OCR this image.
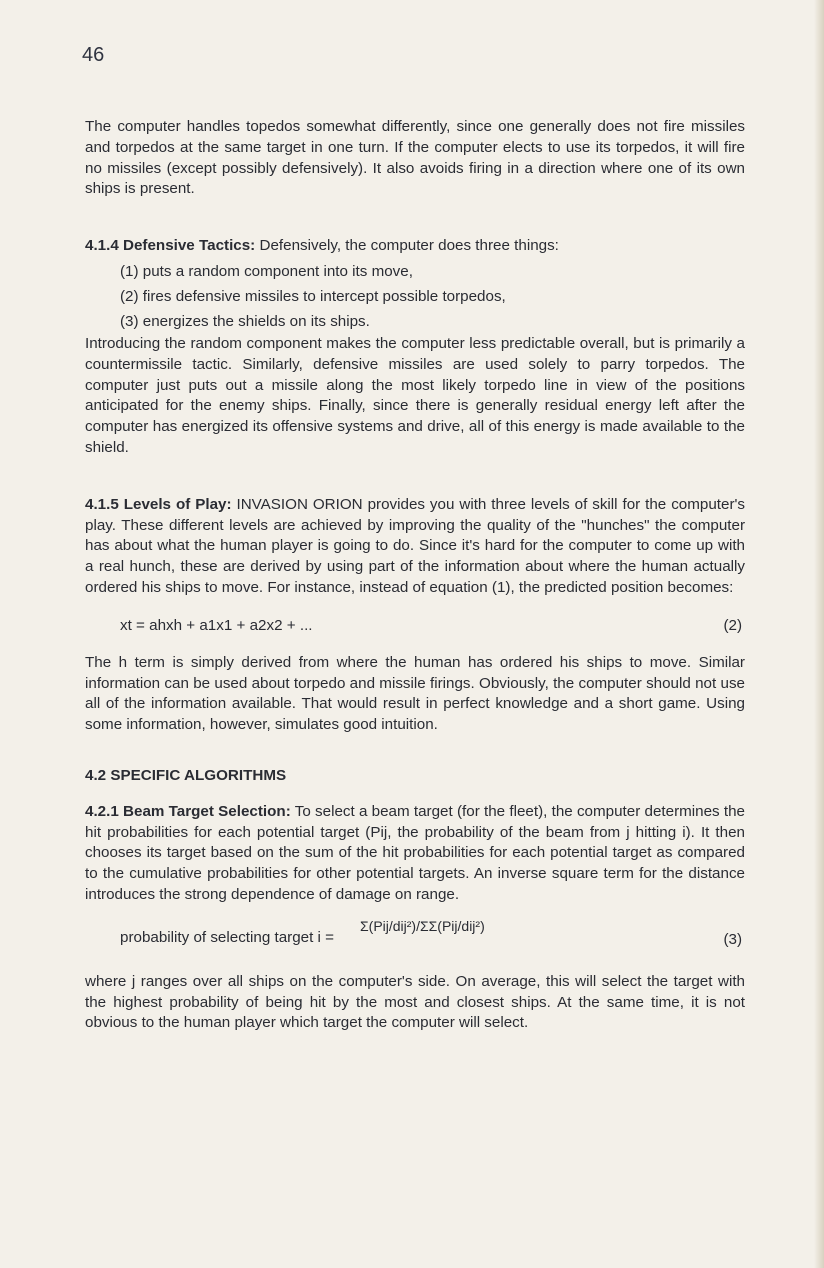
46

The computer handles topedos somewhat differently, since one generally does not fire missiles and torpedos at the same target in one turn. If the computer elects to use its torpedos, it will fire no missiles (except possibly defensively). It also avoids firing in a direction where one of its own ships is present.

4.1.4 Defensive Tactics: Defensively, the computer does three things:

(1) puts a random component into its move,
(2) fires defensive missiles to intercept possible torpedos,
(3) energizes the shields on its ships.

Introducing the random component makes the computer less predictable overall, but is primarily a countermissile tactic. Similarly, defensive missiles are used solely to parry torpedos. The computer just puts out a missile along the most likely torpedo line in view of the positions anticipated for the enemy ships. Finally, since there is generally residual energy left after the computer has energized its offensive systems and drive, all of this energy is made available to the shield.

4.1.5 Levels of Play: INVASION ORION provides you with three levels of skill for the computer's play. These different levels are achieved by improving the quality of the "hunches" the computer has about what the human player is going to do. Since it's hard for the computer to come up with a real hunch, these are derived by using part of the information about where the human actually ordered his ships to move. For instance, instead of equation (1), the predicted position becomes:

xt = ahxh + a1x1 + a2x2 + ...	(2)

The h term is simply derived from where the human has ordered his ships to move. Similar information can be used about torpedo and missile firings. Obviously, the computer should not use all of the information available. That would result in perfect knowledge and a short game. Using some information, however, simulates good intuition.

4.2 SPECIFIC ALGORITHMS

4.2.1 Beam Target Selection: To select a beam target (for the fleet), the computer determines the hit probabilities for each potential target (Pij, the probability of the beam from j hitting i). It then chooses its target based on the sum of the hit probabilities for each potential target as compared to the cumulative probabilities for other potential targets. An inverse square term for the distance introduces the strong dependence of damage on range.

probability of selecting target i =
Σ(Pij/dij²)/ΣΣ(Pij/dij²)
(3)

where j ranges over all ships on the computer's side. On average, this will select the target with the highest probability of being hit by the most and closest ships. At the same time, it is not obvious to the human player which target the computer will select.
